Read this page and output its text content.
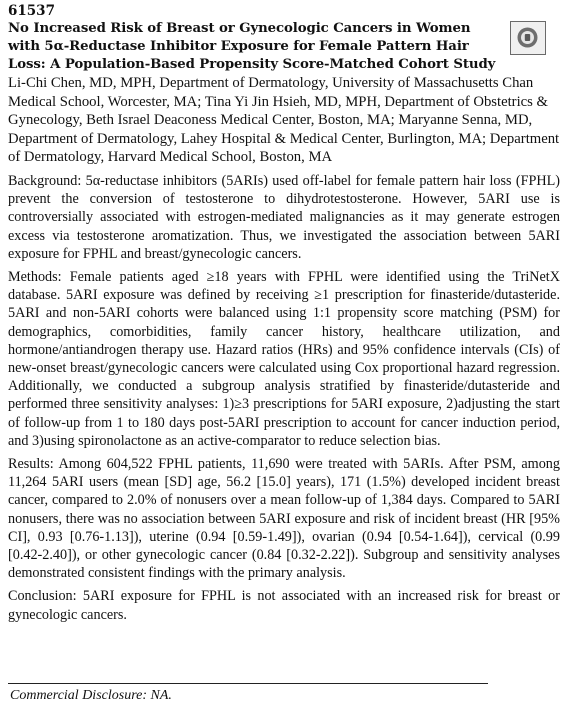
61537
No Increased Risk of Breast or Gynecologic Cancers in Women with 5α-Reductase Inhibitor Exposure for Female Pattern Hair Loss: A Population-Based Propensity Score-Matched Cohort Study
Li-Chi Chen, MD, MPH, Department of Dermatology, University of Massachusetts Chan Medical School, Worcester, MA; Tina Yi Jin Hsieh, MD, MPH, Department of Obstetrics & Gynecology, Beth Israel Deaconess Medical Center, Boston, MA; Maryanne Senna, MD, Department of Dermatology, Lahey Hospital & Medical Center, Burlington, MA; Department of Dermatology, Harvard Medical School, Boston, MA
Background: 5α-reductase inhibitors (5ARIs) used off-label for female pattern hair loss (FPHL) prevent the conversion of testosterone to dihydrotestosterone. However, 5ARI use is controversially associated with estrogen-mediated malignancies as it may generate estrogen excess via testosterone aromatization. Thus, we investigated the association between 5ARI exposure for FPHL and breast/gynecologic cancers.
Methods: Female patients aged ≥18 years with FPHL were identified using the TriNetX database. 5ARI exposure was defined by receiving ≥1 prescription for finasteride/dutasteride. 5ARI and non-5ARI cohorts were balanced using 1:1 propensity score matching (PSM) for demographics, comorbidities, family cancer history, healthcare utilization, and hormone/antiandrogen therapy use. Hazard ratios (HRs) and 95% confidence intervals (CIs) of new-onset breast/gynecologic cancers were calculated using Cox proportional hazard regression. Additionally, we conducted a subgroup analysis stratified by finasteride/dutasteride and performed three sensitivity analyses: 1)≥3 prescriptions for 5ARI exposure, 2)adjusting the start of follow-up from 1 to 180 days post-5ARI prescription to account for cancer induction period, and 3)using spironolactone as an active-comparator to reduce selection bias.
Results: Among 604,522 FPHL patients, 11,690 were treated with 5ARIs. After PSM, among 11,264 5ARI users (mean [SD] age, 56.2 [15.0] years), 171 (1.5%) developed incident breast cancer, compared to 2.0% of nonusers over a mean follow-up of 1,384 days. Compared to 5ARI nonusers, there was no association between 5ARI exposure and risk of incident breast (HR [95% CI], 0.93 [0.76-1.13]), uterine (0.94 [0.59-1.49]), ovarian (0.94 [0.54-1.64]), cervical (0.99 [0.42-2.40]), or other gynecologic cancer (0.84 [0.32-2.22]). Subgroup and sensitivity analyses demonstrated consistent findings with the primary analysis.
Conclusion: 5ARI exposure for FPHL is not associated with an increased risk for breast or gynecologic cancers.
Commercial Disclosure: NA.
